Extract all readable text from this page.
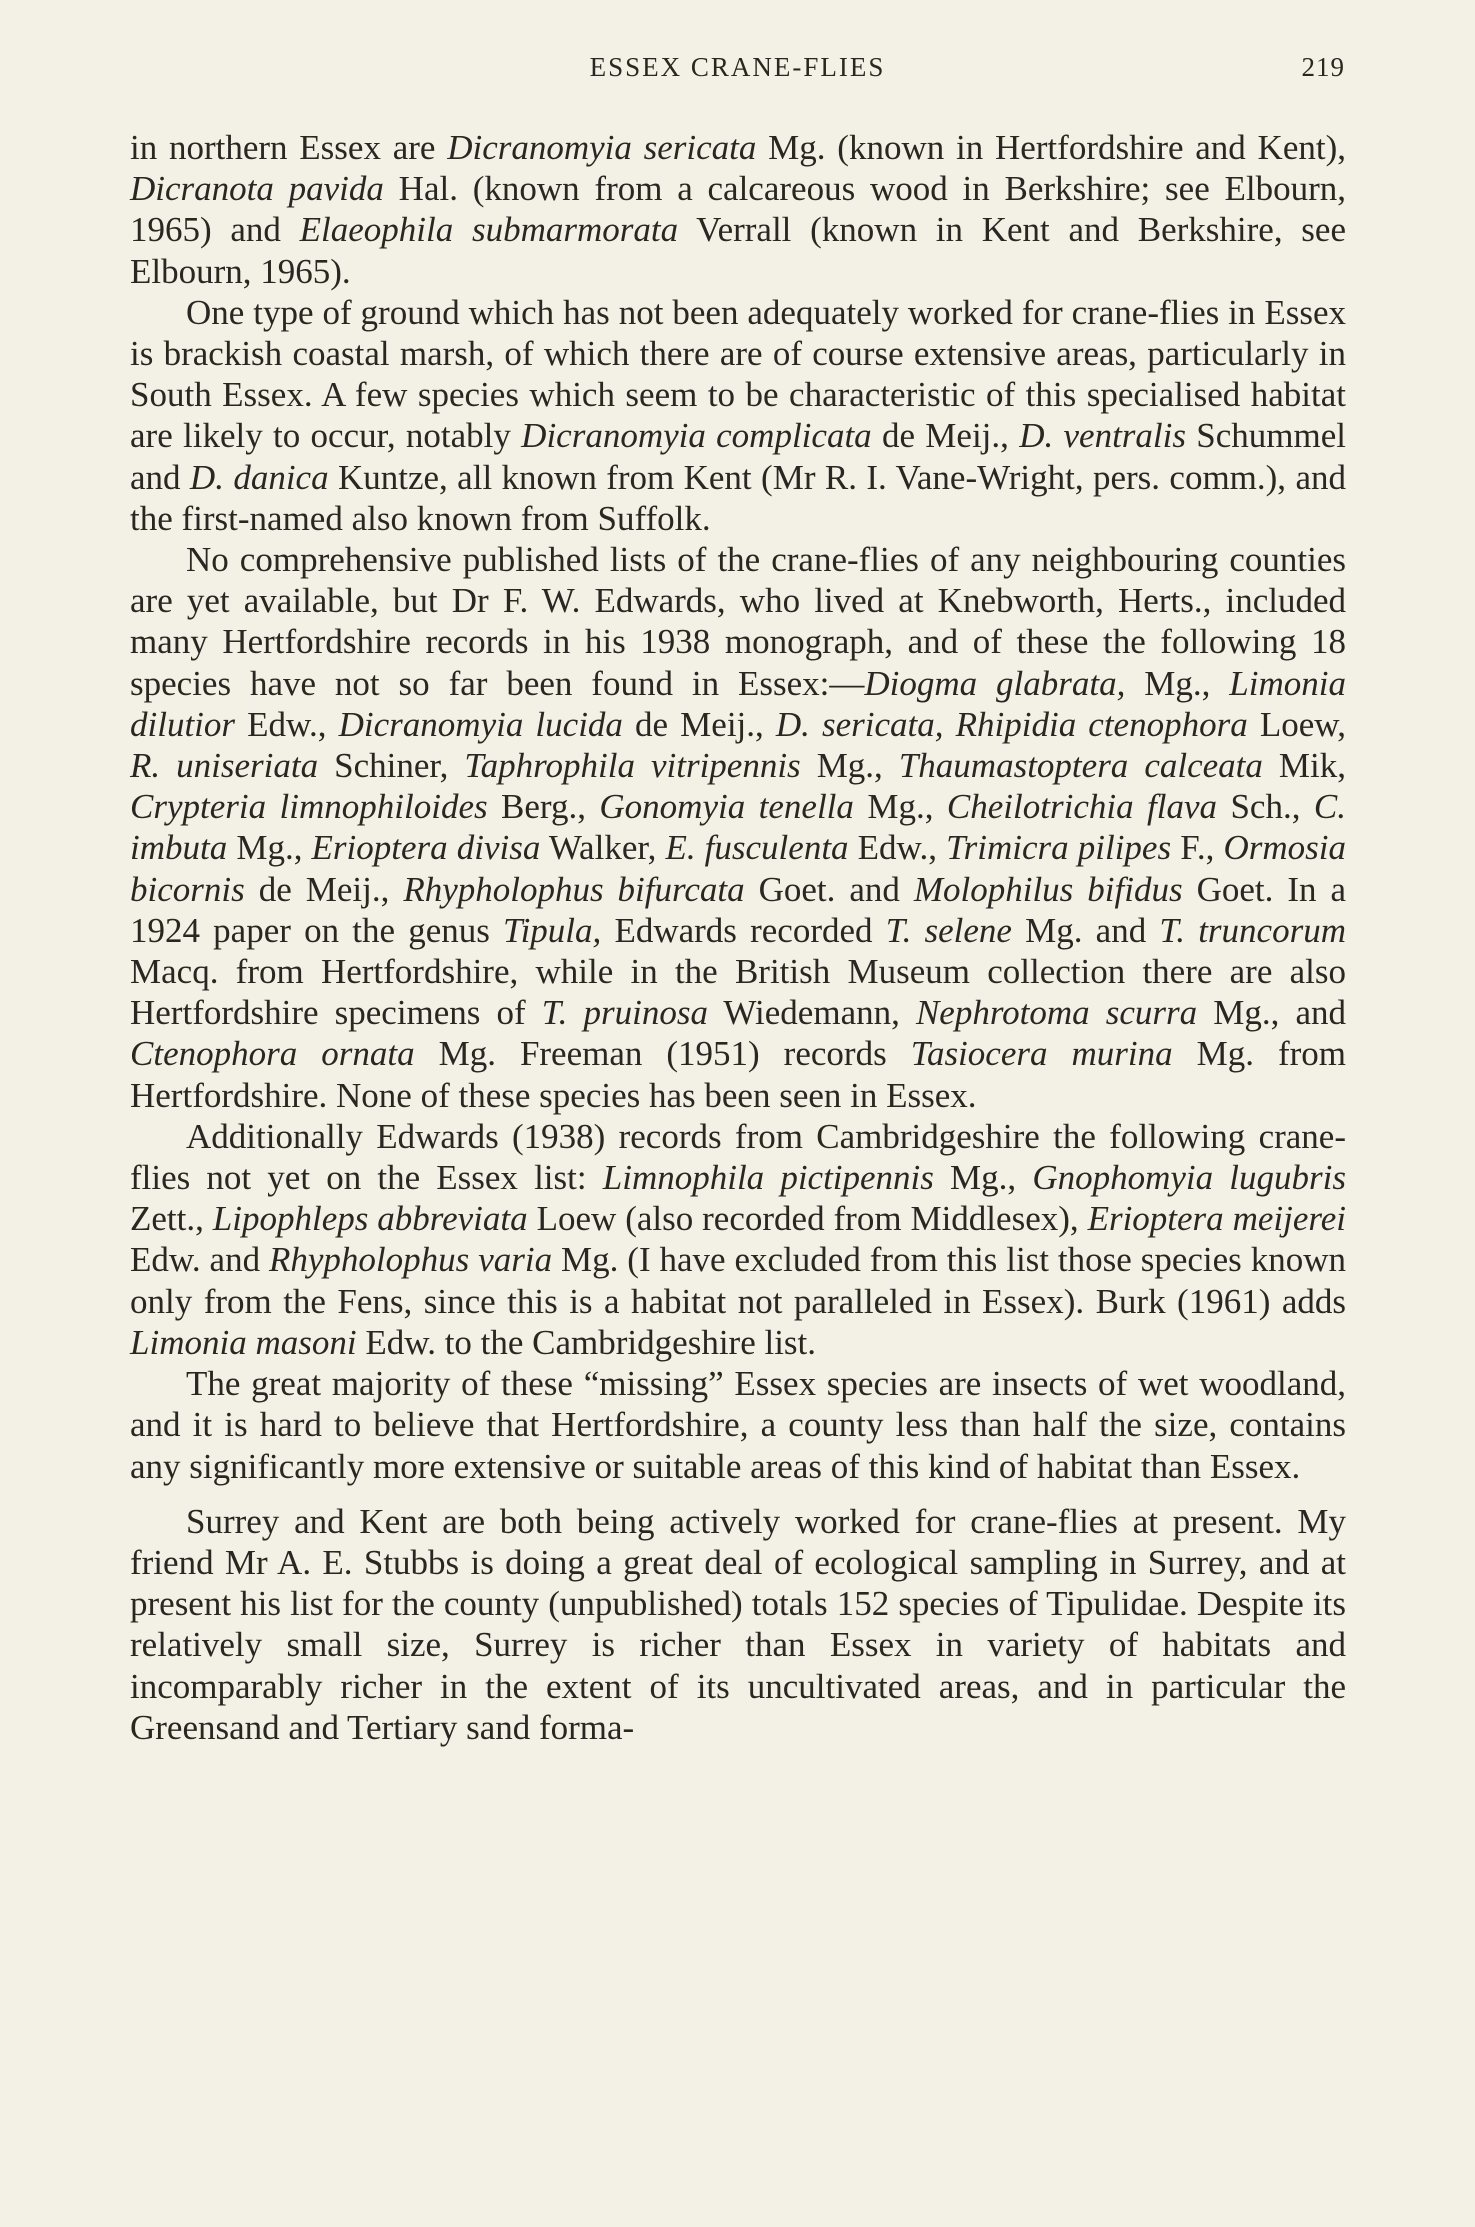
ESSEX CRANE-FLIES	219

in northern Essex are Dicranomyia sericata Mg. (known in Hertfordshire and Kent), Dicranota pavida Hal. (known from a calcareous wood in Berkshire; see Elbourn, 1965) and Elaeophila submarmorata Verrall (known in Kent and Berkshire, see Elbourn, 1965).

One type of ground which has not been adequately worked for crane-flies in Essex is brackish coastal marsh, of which there are of course extensive areas, particularly in South Essex. A few species which seem to be characteristic of this specialised habitat are likely to occur, notably Dicranomyia complicata de Meij., D. ventralis Schummel and D. danica Kuntze, all known from Kent (Mr R. I. Vane-Wright, pers. comm.), and the first-named also known from Suffolk.

No comprehensive published lists of the crane-flies of any neighbouring counties are yet available, but Dr F. W. Edwards, who lived at Knebworth, Herts., included many Hertfordshire records in his 1938 monograph, and of these the following 18 species have not so far been found in Essex:—Diogma glabrata, Mg., Limonia dilutior Edw., Dicranomyia lucida de Meij., D. sericata, Rhipidia ctenophora Loew, R. uniseriata Schiner, Taphrophila vitripennis Mg., Thaumastoptera calceata Mik, Crypteria limnophiloides Berg., Gonomyia tenella Mg., Cheilotrichia flava Sch., C. imbuta Mg., Erioptera divisa Walker, E. fusculenta Edw., Trimicra pilipes F., Ormosia bicornis de Meij., Rhypholophus bifurcata Goet. and Molophilus bifidus Goet. In a 1924 paper on the genus Tipula, Edwards recorded T. selene Mg. and T. truncorum Macq. from Hertfordshire, while in the British Museum collection there are also Hertfordshire specimens of T. pruinosa Wiedemann, Nephrotoma scurra Mg., and Ctenophora ornata Mg. Freeman (1951) records Tasiocera murina Mg. from Hertfordshire. None of these species has been seen in Essex.

Additionally Edwards (1938) records from Cambridgeshire the following crane-flies not yet on the Essex list: Limnophila pictipennis Mg., Gnophomyia lugubris Zett., Lipophleps abbreviata Loew (also recorded from Middlesex), Erioptera meijerei Edw. and Rhypholophus varia Mg. (I have excluded from this list those species known only from the Fens, since this is a habitat not paralleled in Essex). Burk (1961) adds Limonia masoni Edw. to the Cambridgeshire list.

The great majority of these “missing” Essex species are insects of wet woodland, and it is hard to believe that Hertfordshire, a county less than half the size, contains any significantly more extensive or suitable areas of this kind of habitat than Essex.

Surrey and Kent are both being actively worked for crane-flies at present. My friend Mr A. E. Stubbs is doing a great deal of ecological sampling in Surrey, and at present his list for the county (unpublished) totals 152 species of Tipulidae. Despite its relatively small size, Surrey is richer than Essex in variety of habitats and incomparably richer in the extent of its uncultivated areas, and in particular the Greensand and Tertiary sand forma-
